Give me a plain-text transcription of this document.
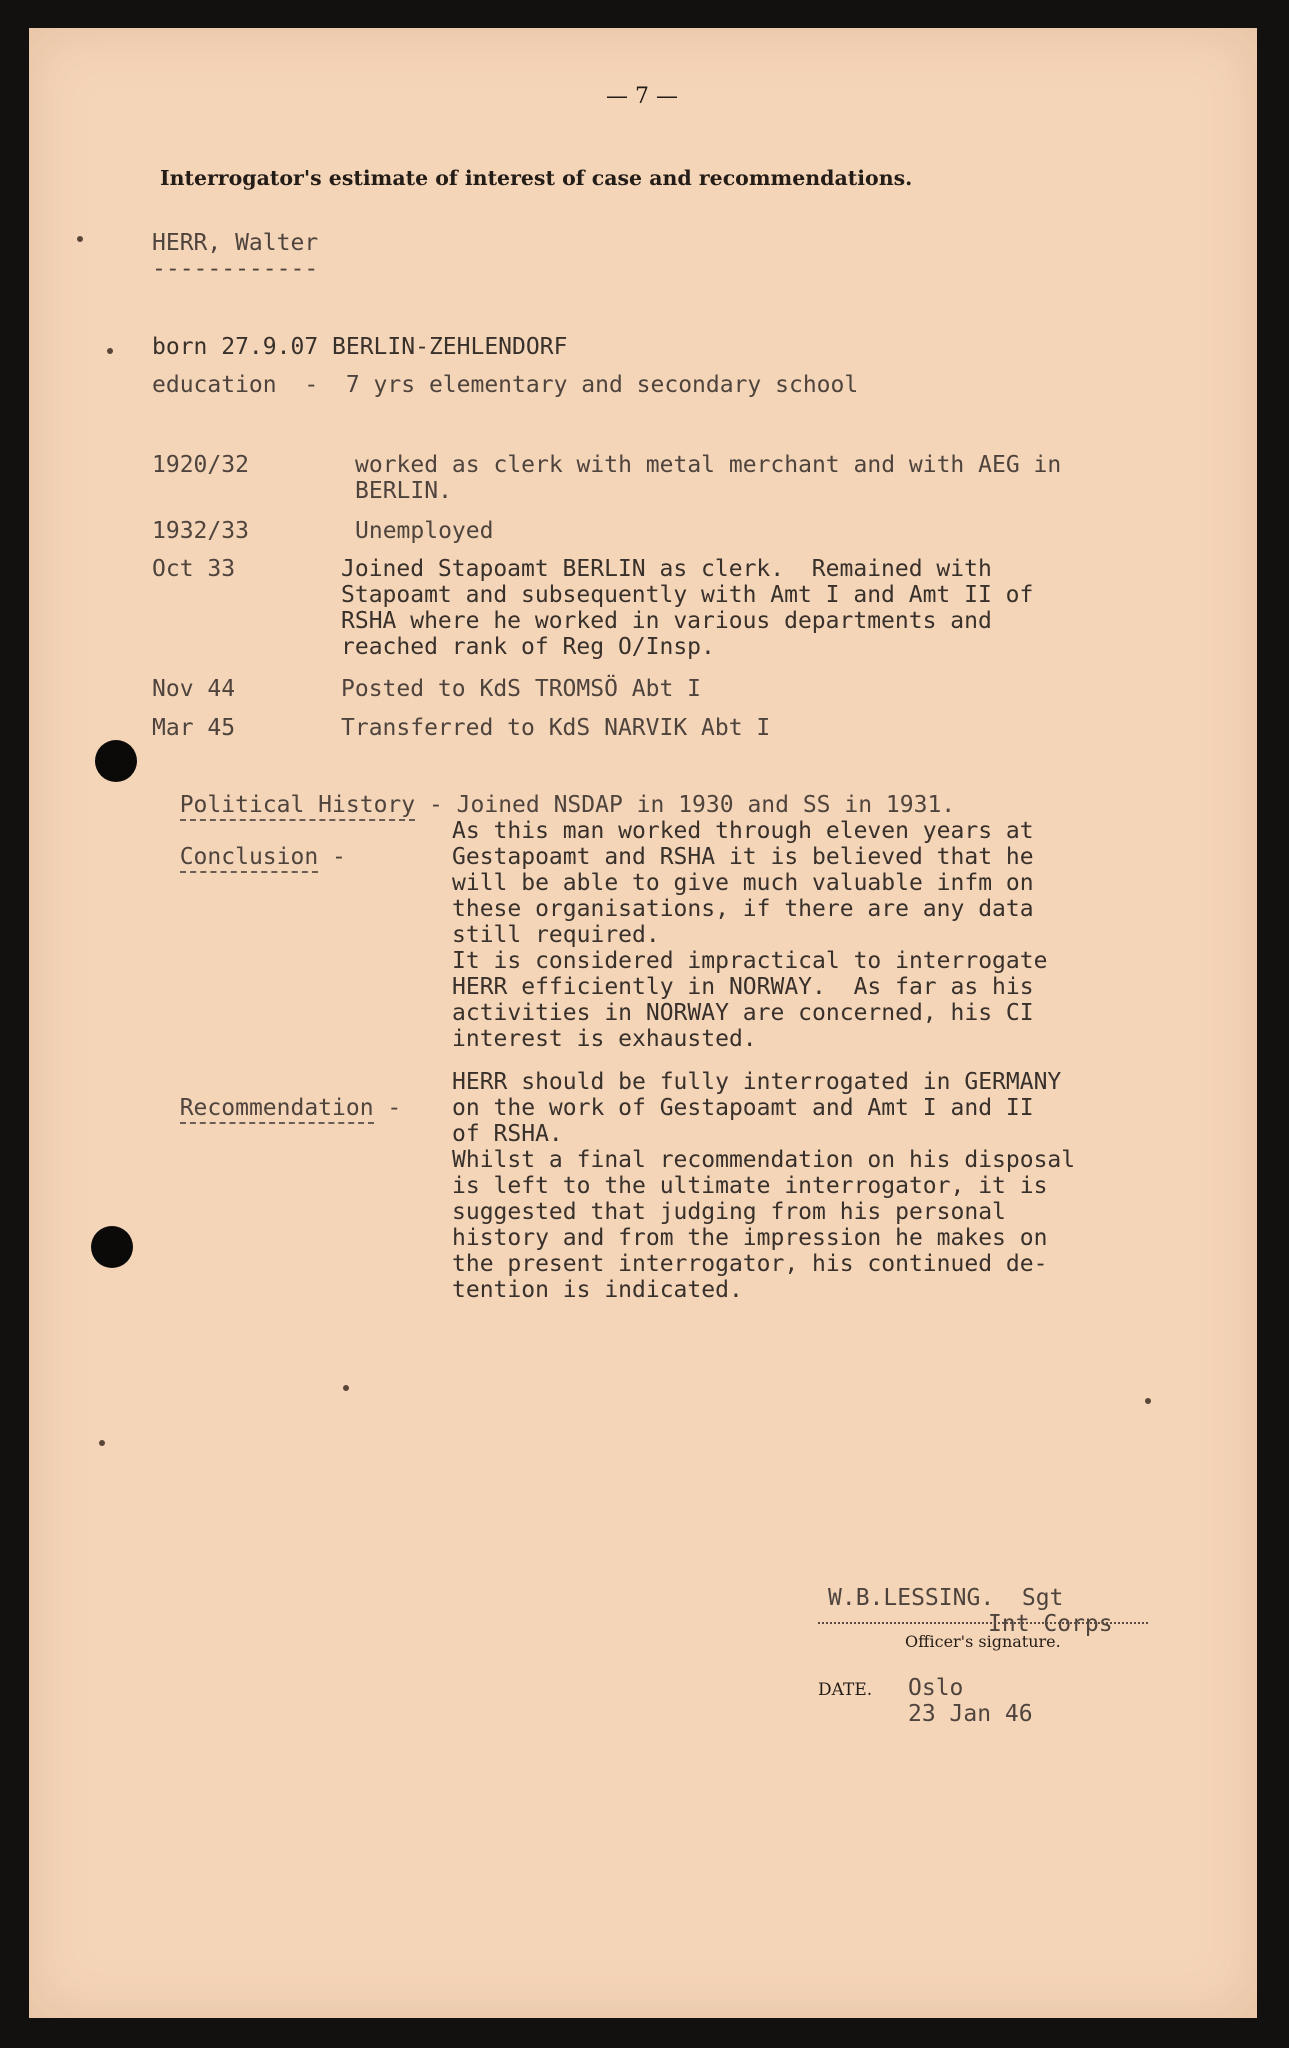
— 7 —
Interrogator's estimate of interest of case and recommendations.
HERR, Walter
------------
born 27.9.07 BERLIN-ZEHLENDORF
education  -  7 yrs elementary and secondary school
1920/32	worked as clerk with metal merchant and with AEG in
BERLIN.
1932/33	Unemployed
Oct 33	Joined Stapoamt BERLIN as clerk.  Remained with
Stapoamt and subsequently with Amt I and Amt II of
RSHA where he worked in various departments and
reached rank of Reg O/Insp.
Nov 44	Posted to KdS TROMSÖ Abt I
Mar 45	Transferred to KdS NARVIK Abt I

Political History - Joined NSDAP in 1930 and SS in 1931.

Conclusion -

As this man worked through eleven years at
Gestapoamt and RSHA it is believed that he
will be able to give much valuable infm on
these organisations, if there are any data
still required.
It is considered impractical to interrogate
HERR efficiently in NORWAY.  As far as his
activities in NORWAY are concerned, his CI
interest is exhausted.

Recommendation -

HERR should be fully interrogated in GERMANY
on the work of Gestapoamt and Amt I and II
of RSHA.
Whilst a final recommendation on his disposal
is left to the ultimate interrogator, it is
suggested that judging from his personal
history and from the impression he makes on
the present interrogator, his continued de-
tention is indicated.
W.B.LESSING.  Sgt
Int Corps
Officer's signature.
DATE. Oslo
23 Jan 46
